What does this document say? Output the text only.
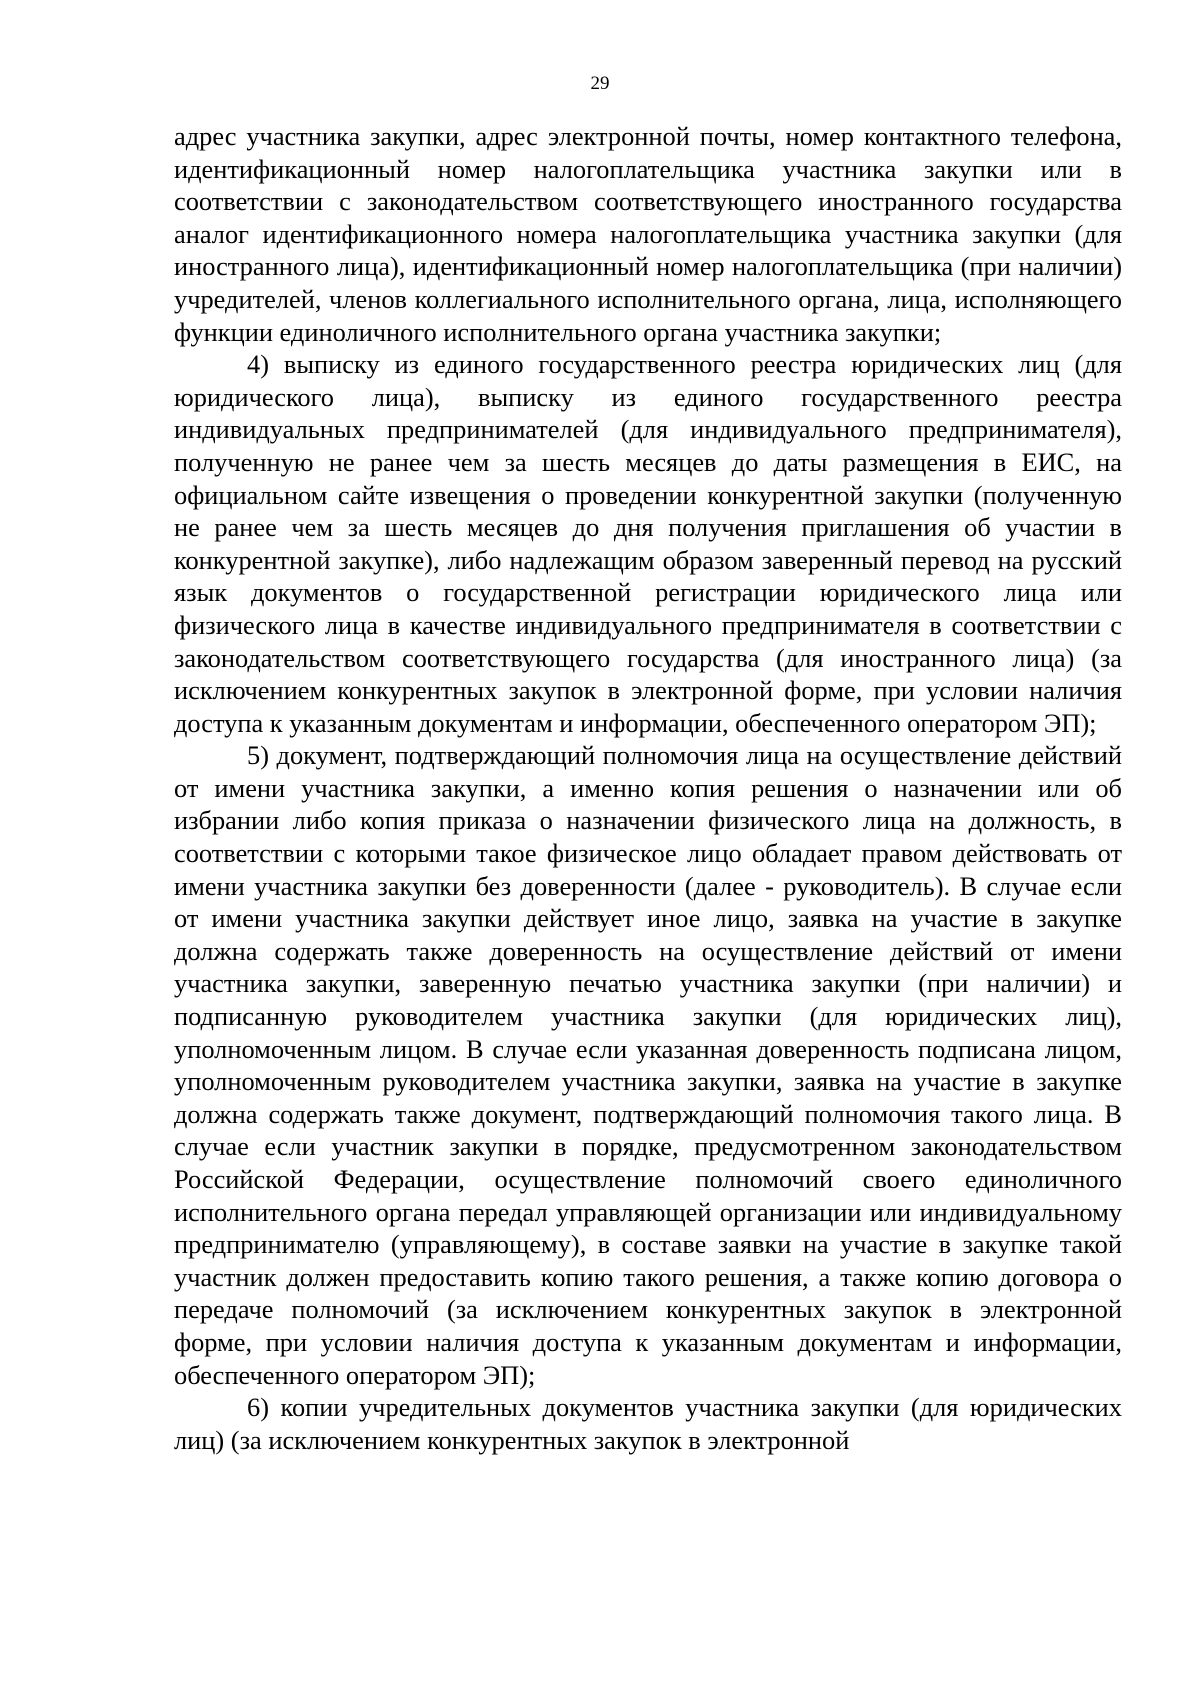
29

адрес участника закупки, адрес электронной почты, номер контактного телефона, идентификационный номер налогоплательщика участника закупки или в соответствии с законодательством соответствующего иностранного государства аналог идентификационного номера налогоплательщика участника закупки (для иностранного лица), идентификационный номер налогоплательщика (при наличии) учредителей, членов коллегиального исполнительного органа, лица, исполняющего функции единоличного исполнительного органа участника закупки;

4) выписку из единого государственного реестра юридических лиц (для юридического лица), выписку из единого государственного реестра индивидуальных предпринимателей (для индивидуального предпринимателя), полученную не ранее чем за шесть месяцев до даты размещения в ЕИС, на официальном сайте извещения о проведении конкурентной закупки (полученную не ранее чем за шесть месяцев до дня получения приглашения об участии в конкурентной закупке), либо надлежащим образом заверенный перевод на русский язык документов о государственной регистрации юридического лица или физического лица в качестве индивидуального предпринимателя в соответствии с законодательством соответствующего государства (для иностранного лица) (за исключением конкурентных закупок в электронной форме, при условии наличия доступа к указанным документам и информации, обеспеченного оператором ЭП);

5) документ, подтверждающий полномочия лица на осуществление действий от имени участника закупки, а именно копия решения о назначении или об избрании либо копия приказа о назначении физического лица на должность, в соответствии с которыми такое физическое лицо обладает правом действовать от имени участника закупки без доверенности (далее - руководитель). В случае если от имени участника закупки действует иное лицо, заявка на участие в закупке должна содержать также доверенность на осуществление действий от имени участника закупки, заверенную печатью участника закупки (при наличии) и подписанную руководителем участника закупки (для юридических лиц), уполномоченным лицом. В случае если указанная доверенность подписана лицом, уполномоченным руководителем участника закупки, заявка на участие в закупке должна содержать также документ, подтверждающий полномочия такого лица. В случае если участник закупки в порядке, предусмотренном законодательством Российской Федерации, осуществление полномочий своего единоличного исполнительного органа передал управляющей организации или индивидуальному предпринимателю (управляющему), в составе заявки на участие в закупке такой участник должен предоставить копию такого решения, а также копию договора о передаче полномочий (за исключением конкурентных закупок в электронной форме, при условии наличия доступа к указанным документам и информации, обеспеченного оператором ЭП);

6) копии учредительных документов участника закупки (для юридических лиц) (за исключением конкурентных закупок в электронной
